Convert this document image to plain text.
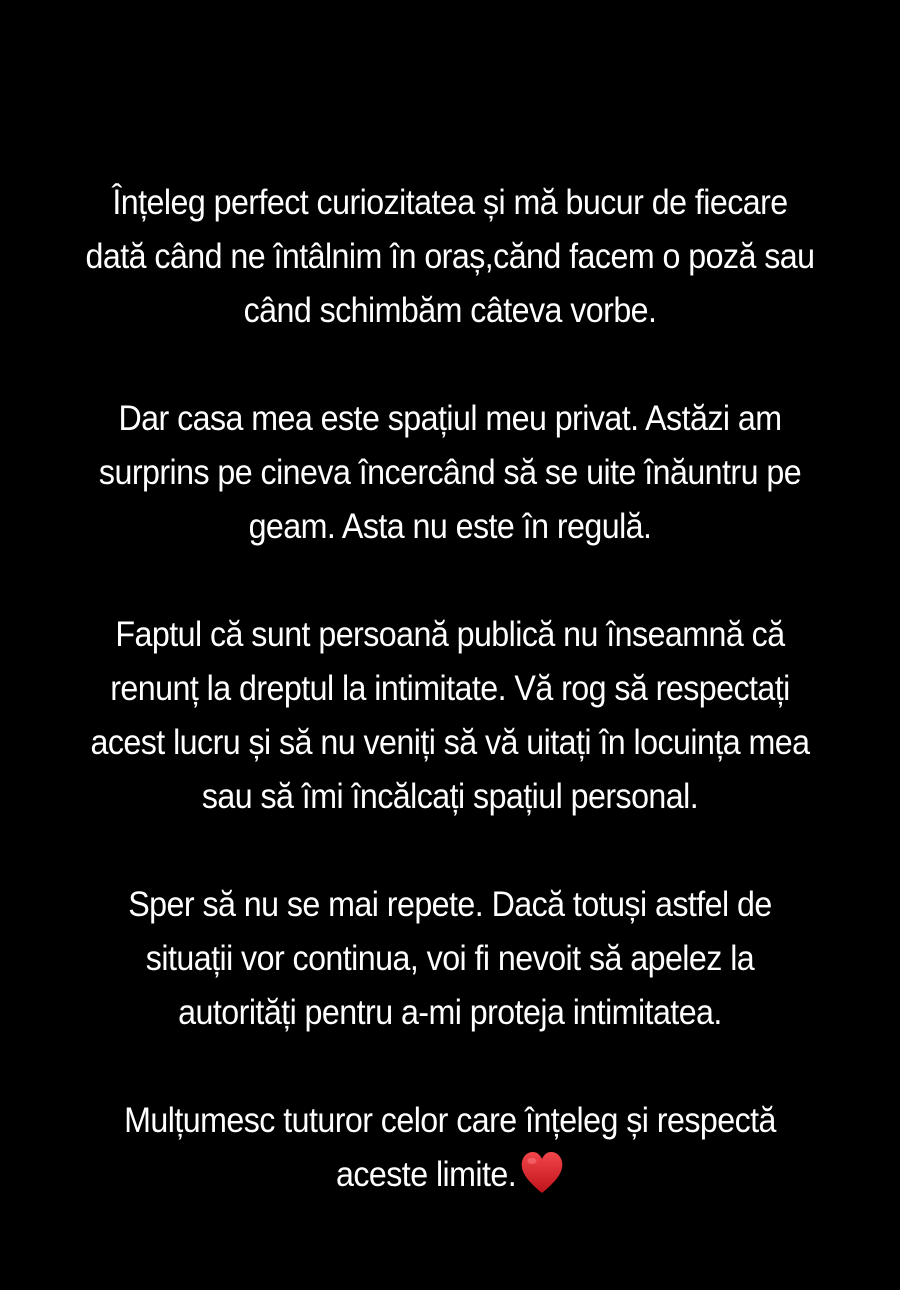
Înțeleg perfect curiozitatea și mă bucur de fiecare
dată când ne întâlnim în oraș,cănd facem o poză sau
când schimbăm câteva vorbe.

Dar casa mea este spațiul meu privat. Astăzi am
surprins pe cineva încercând să se uite înăuntru pe
geam. Asta nu este în regulă.

Faptul că sunt persoană publică nu înseamnă că
renunț la dreptul la intimitate. Vă rog să respectați
acest lucru și să nu veniți să vă uitați în locuința mea
sau să îmi încălcați spațiul personal.

Sper să nu se mai repete. Dacă totuși astfel de
situații vor continua, voi fi nevoit să apelez la
autorități pentru a-mi proteja intimitatea.

Mulțumesc tuturor celor care înțeleg și respectă
aceste limite.
